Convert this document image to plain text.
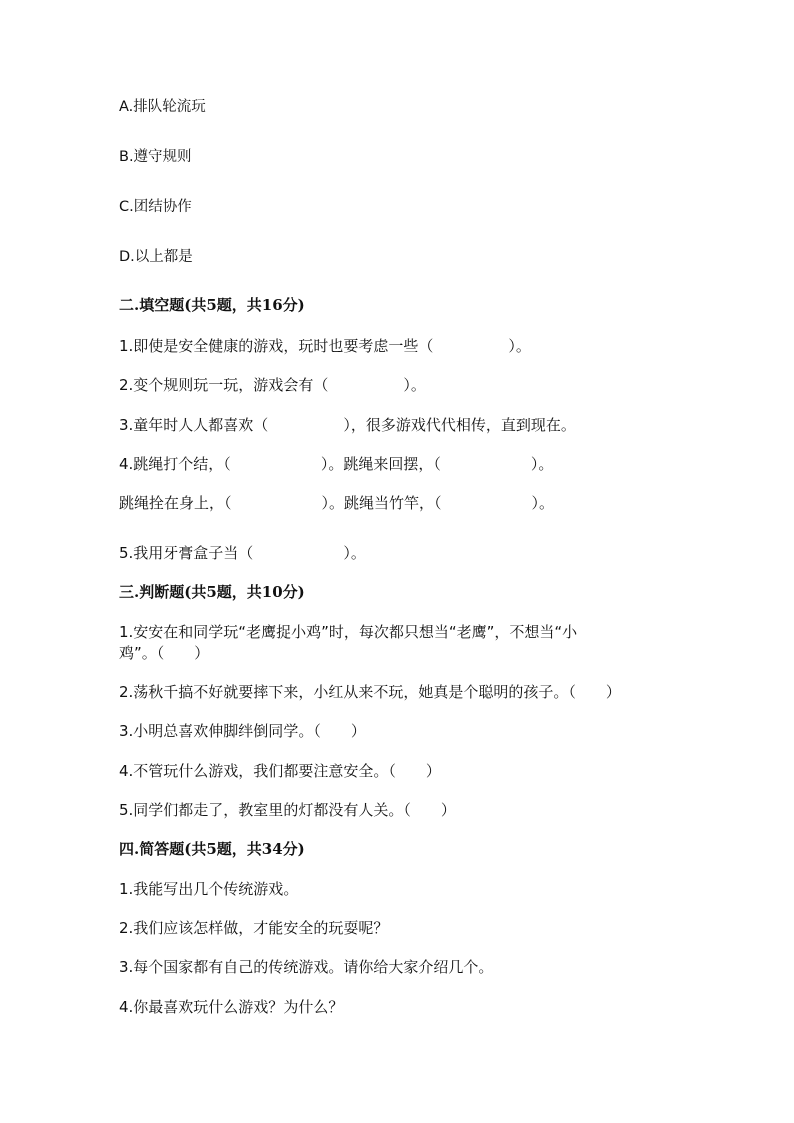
A.排队轮流玩
B.遵守规则
C.团结协作
D.以上都是
二.填空题(共5题，共16分)
1.即使是安全健康的游戏，玩时也要考虑一些（　　　　　）。
2.变个规则玩一玩，游戏会有（　　　　　）。
3.童年时人人都喜欢（　　　　　），很多游戏代代相传，直到现在。
4.跳绳打个结，（　　　　　　）。跳绳来回摆，（　　　　　　）。
跳绳拴在身上，（　　　　　　）。跳绳当竹竿，（　　　　　　）。
5.我用牙膏盒子当（　　　　　　）。
三.判断题(共5题，共10分)
1.安安在和同学玩“老鹰捉小鸡”时，每次都只想当“老鹰”，不想当“小
鸡”。（　　）
2.荡秋千搞不好就要摔下来，小红从来不玩，她真是个聪明的孩子。（　　）
3.小明总喜欢伸脚绊倒同学。（　　）
4.不管玩什么游戏，我们都要注意安全。（　　）
5.同学们都走了，教室里的灯都没有人关。（　　）
四.简答题(共5题，共34分)
1.我能写出几个传统游戏。
2.我们应该怎样做，才能安全的玩耍呢？
3.每个国家都有自己的传统游戏。请你给大家介绍几个。
4.你最喜欢玩什么游戏？为什么？
